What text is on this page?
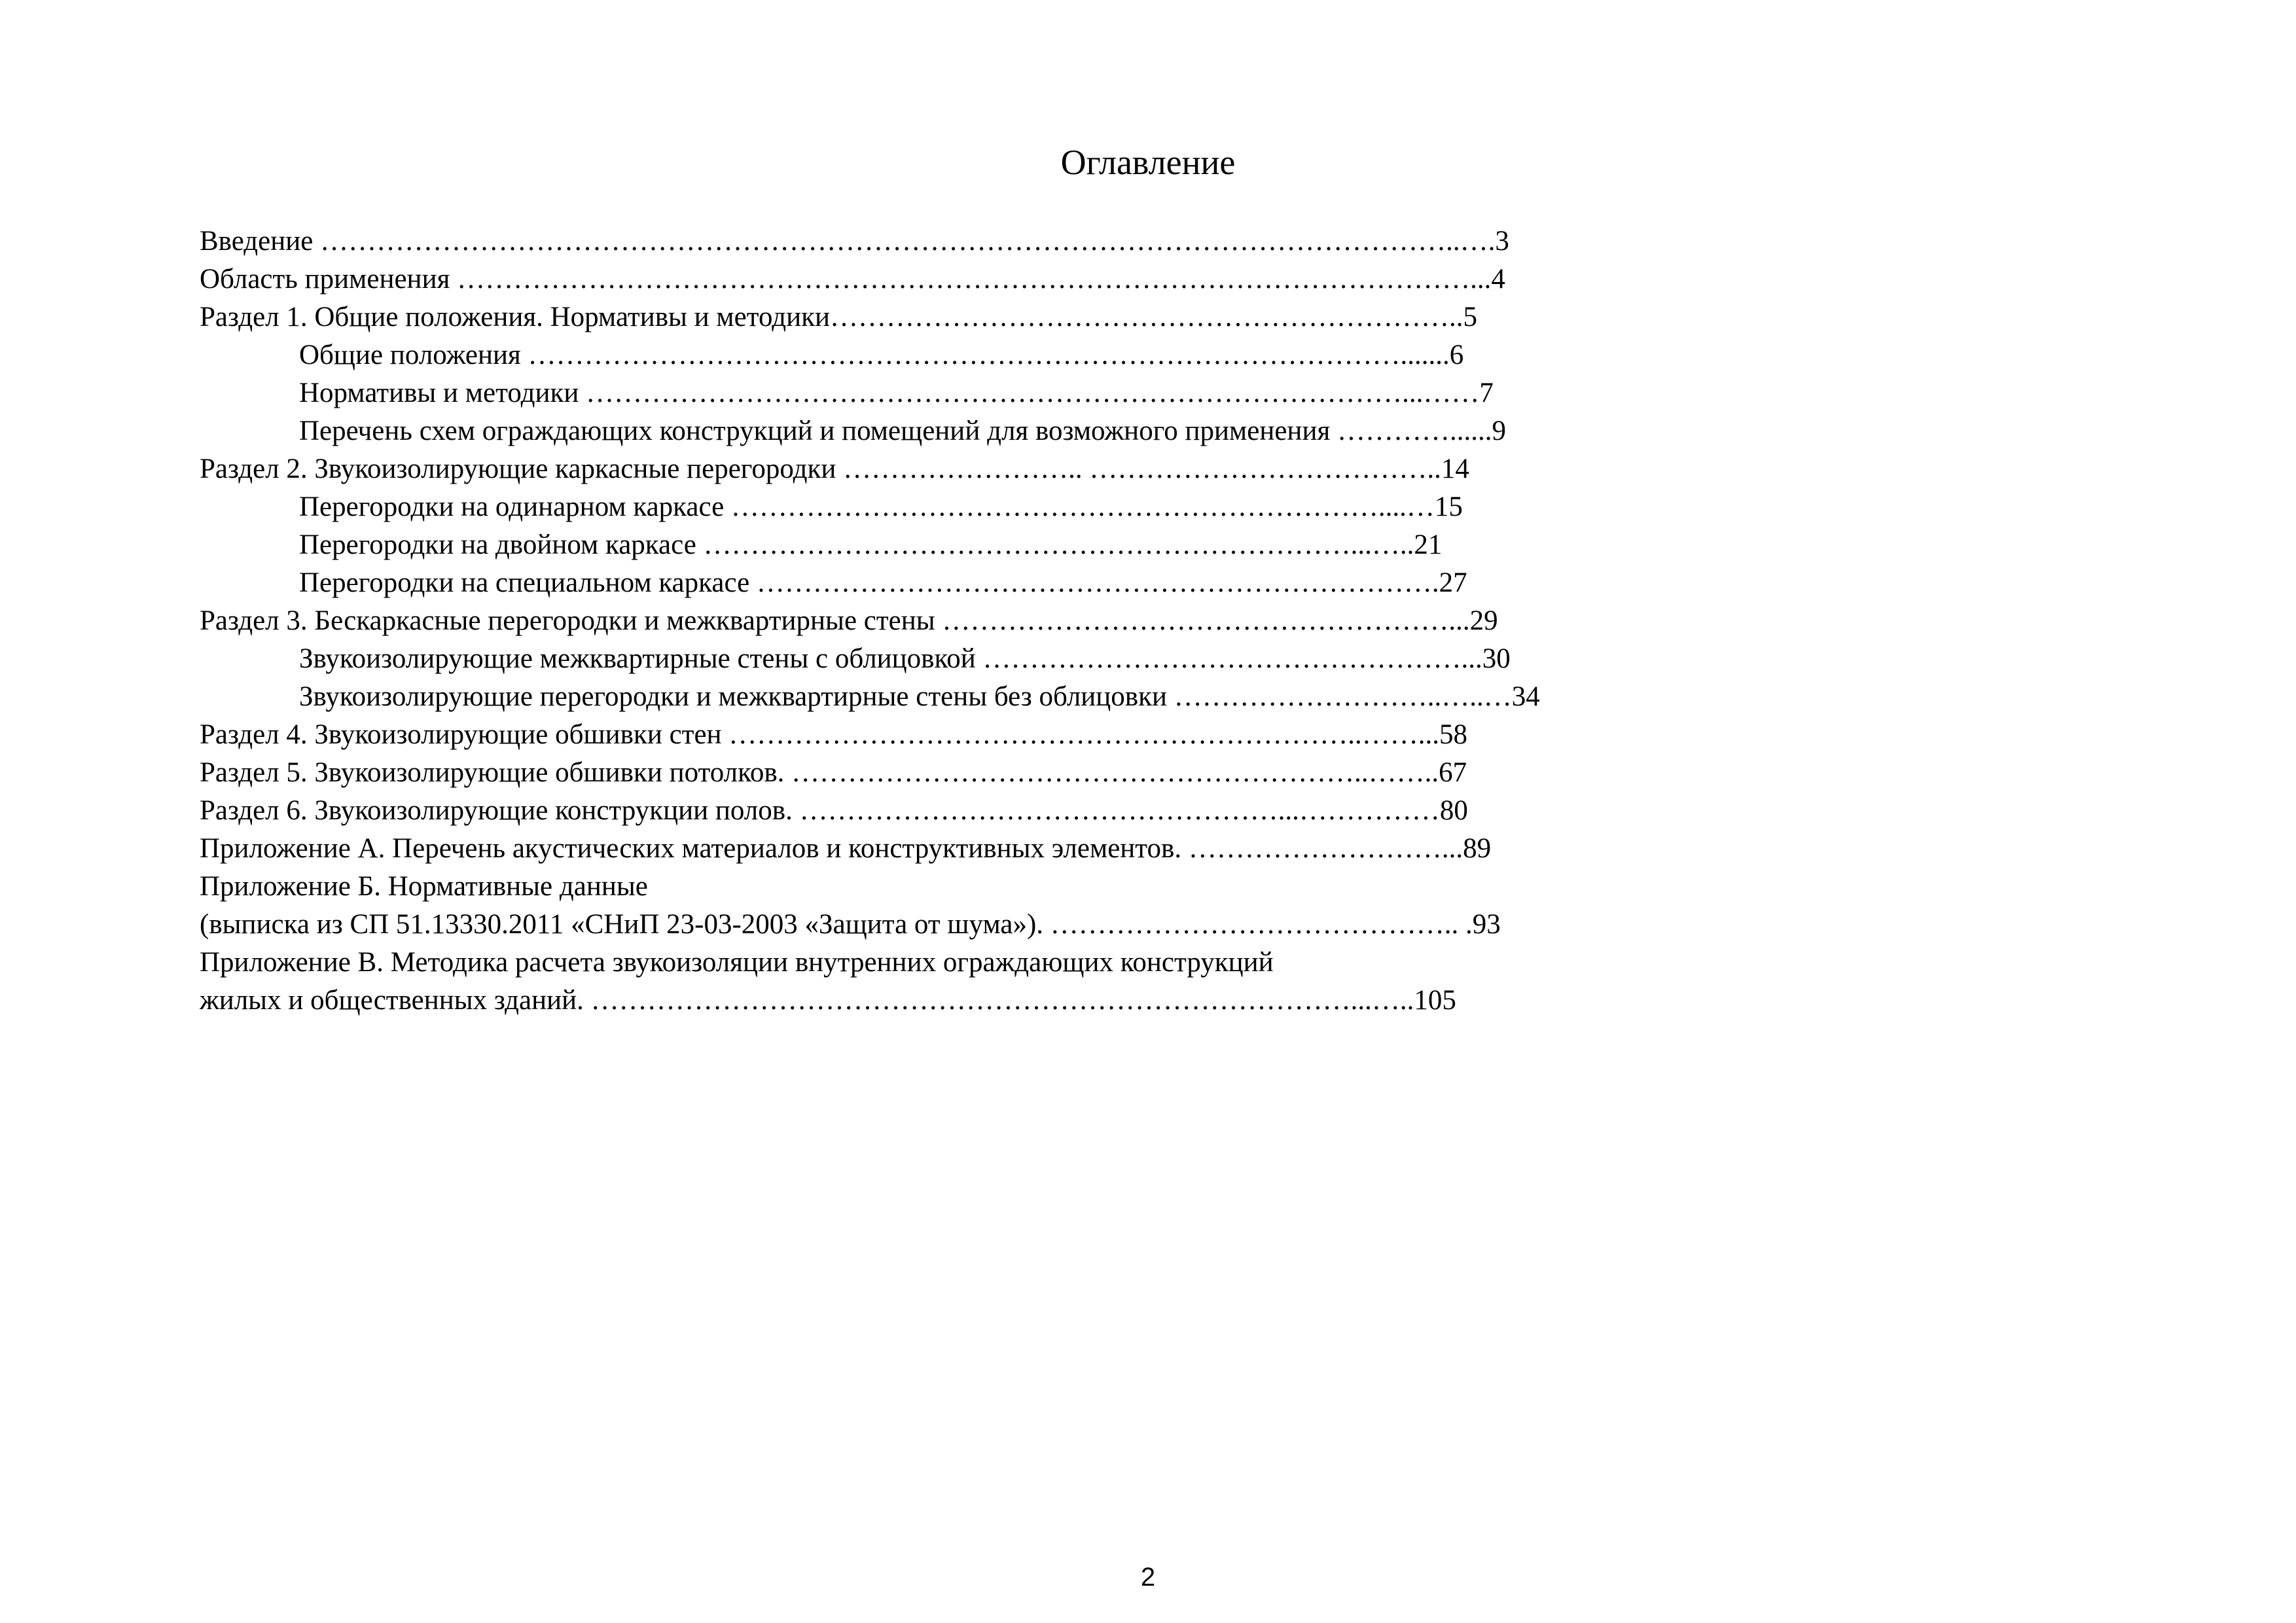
Оглавление
Введение …………………………………………………………………………………………………………..….3
Область применения ………………………………………………………………………………………………...4
Раздел 1. Общие положения. Нормативы и методики…………………………………………………………..5
Общие положения ………………………………………………………………………………….......6
Нормативы и методики ……………………………………………………………………………...……7
Перечень схем ограждающих конструкций и помещений для возможного применения …………......9
Раздел 2. Звукоизолирующие каркасные перегородки …………………….. ………………………………..14
Перегородки на одинарном каркасе ……………………………………………………………....…15
Перегородки на двойном каркасе ……………………………………………………………...…..21
Перегородки на специальном каркасе ……………………………………………………………….27
Раздел 3. Бескаркасные перегородки и межквартирные стены ………………………………………………...29
Звукоизолирующие межквартирные стены с облицовкой ……………………………………………...30
Звукоизолирующие перегородки и межквартирные стены без облицовки ………………………..…..…34
Раздел 4. Звукоизолирующие обшивки стен …………………………………………………………..……...58
Раздел 5. Звукоизолирующие обшивки потолков. ……………………………………………………..……..67
Раздел 6. Звукоизолирующие конструкции полов. ……………………………………………...……………80
Приложение А. Перечень акустических материалов и конструктивных элементов. ………………………...89
Приложение Б. Нормативные данные
(выписка из СП 51.13330.2011 «СНиП 23-03-2003 «Защита от шума»). …………………………………….. .93
Приложение В. Методика расчета звукоизоляции внутренних ограждающих конструкций
жилых и общественных зданий. ………………………………………………………………………...…..105
2
